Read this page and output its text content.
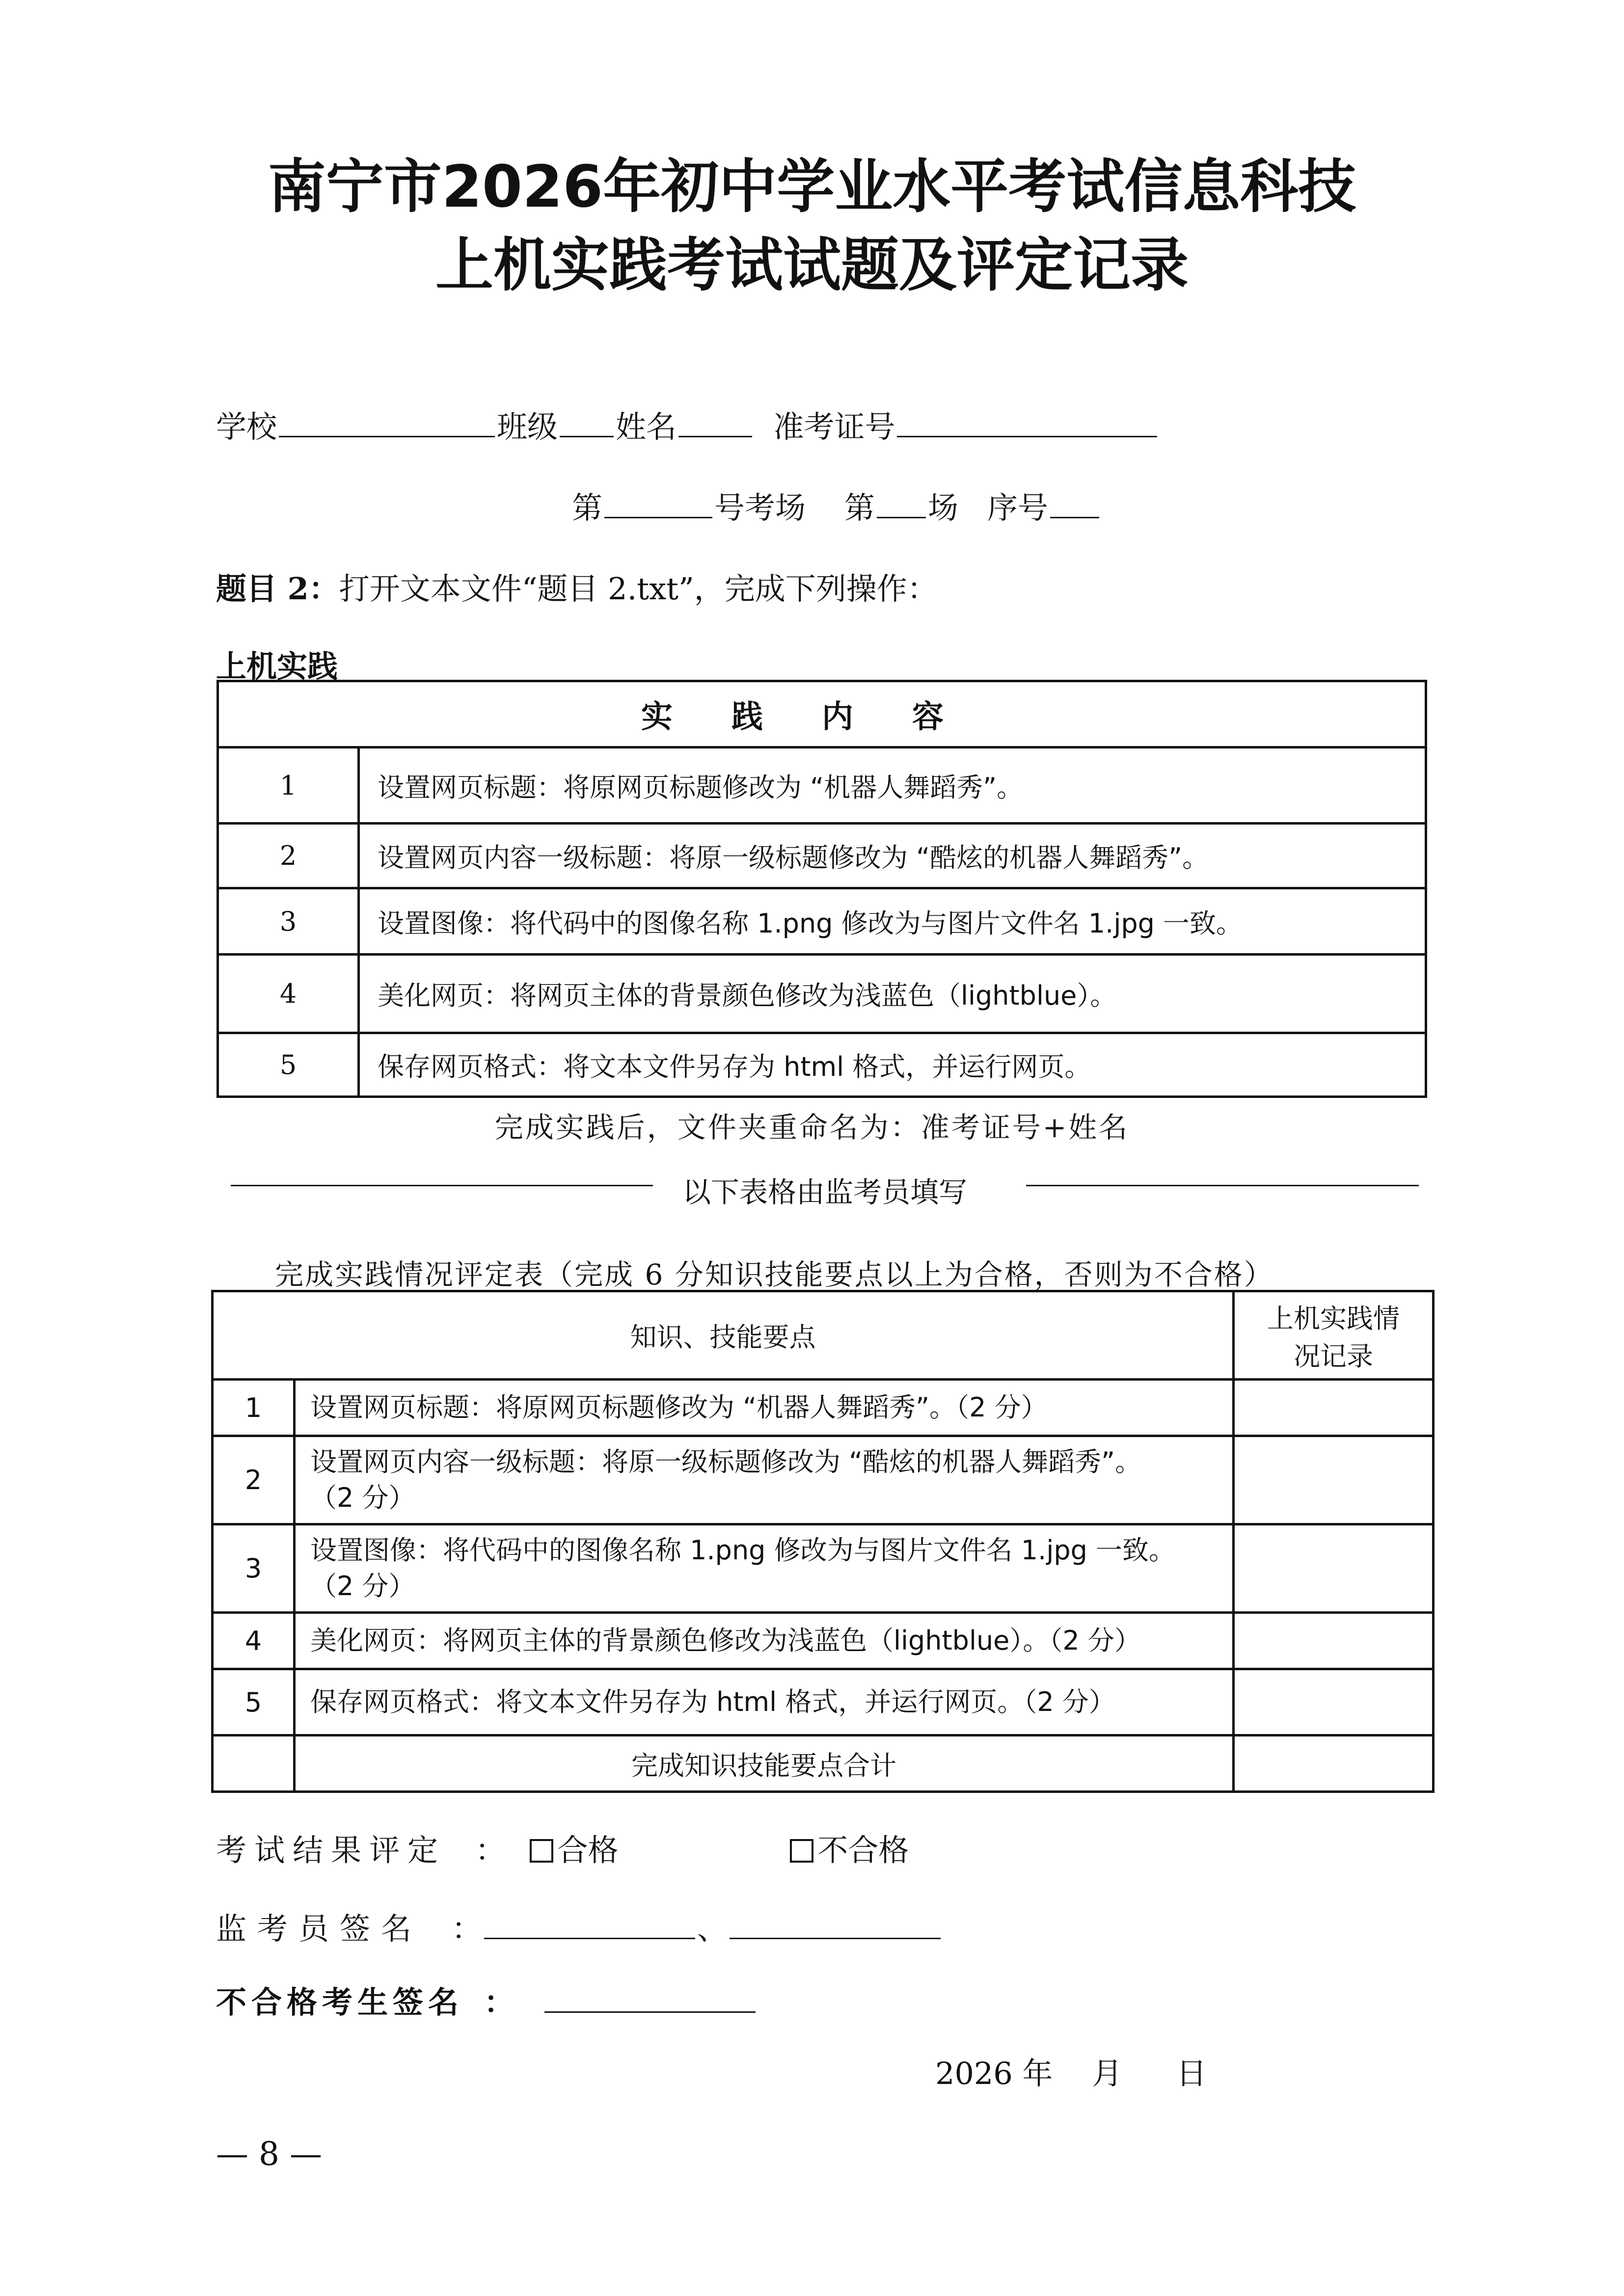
南宁市2026年初中学业水平考试信息科技
上机实践考试试题及评定记录
学校	班级 姓名	准考证号
第	号考场 第 场 序号
题目 2：打开文本文件“题目 2.txt”，完成下列操作：
上机实践
实践内容	
1	设置网页标题：将原网页标题修改为 “机器人舞蹈秀”。
2	设置网页内容一级标题：将原一级标题修改为 “酷炫的机器人舞蹈秀”。
3	设置图像：将代码中的图像名称 1.png 修改为与图片文件名 1.jpg 一致。
4	美化网页：将网页主体的背景颜色修改为浅蓝色（lightblue）。
5	保存网页格式：将文本文件另存为 html 格式，并运行网页。
完成实践后，文件夹重命名为：准考证号+姓名
以下表格由监考员填写
完成实践情况评定表（完成 6 分知识技能要点以上为合格，否则为不合格）
知识、技能要点		上机实践情
况记录

1	设置网页标题：将原网页标题修改为 “机器人舞蹈秀”。（2 分）	

2	设置网页内容一级标题：将原一级标题修改为 “酷炫的机器人舞蹈秀”。
（2 分）	

3	设置图像：将代码中的图像名称 1.png 修改为与图片文件名 1.jpg 一致。
（2 分）	

4	美化网页：将网页主体的背景颜色修改为浅蓝色（lightblue）。（2 分）	

5	保存网页格式：将文本文件另存为 html 格式，并运行网页。（2 分）	

	完成知识技能要点合计	
考试结果评定 ： 合格	不合格
监考员签名 ：	、
不合格考生签名 ：
2026 年 月 日
— 8 —
